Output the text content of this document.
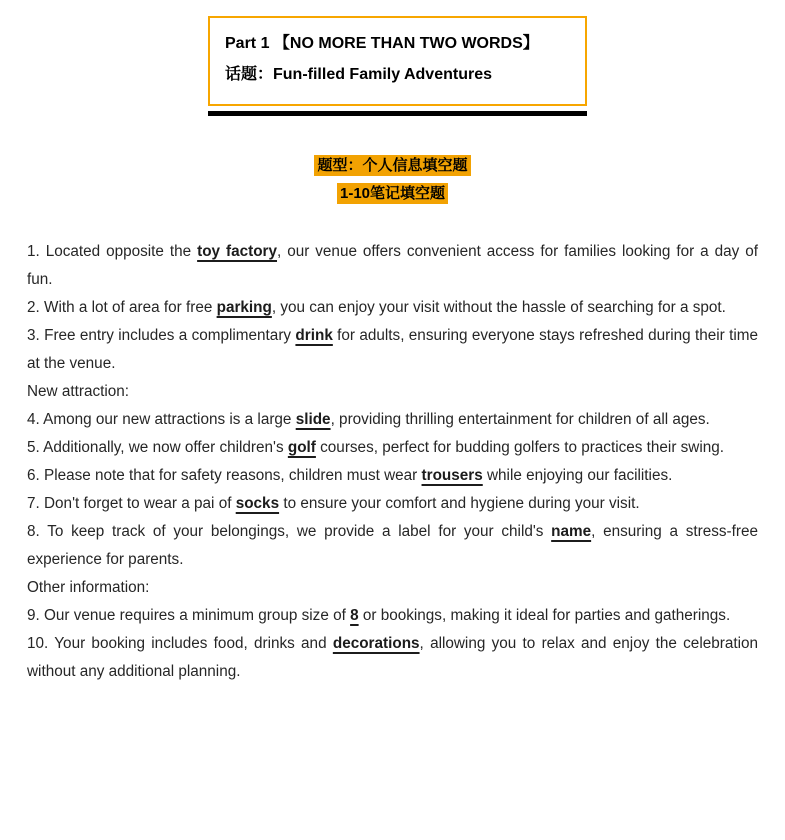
Part 1 【NO MORE THAN TWO WORDS】
话题：Fun-filled Family Adventures
题型：个人信息填空题
1-10笔记填空题

1. Located opposite the toy factory, our venue offers convenient access for families looking for a day of fun.

2. With a lot of area for free parking, you can enjoy your visit without the hassle of searching for a spot.

3. Free entry includes a complimentary drink for adults, ensuring everyone stays refreshed during their time at the venue.

New attraction:

4. Among our new attractions is a large slide, providing thrilling entertainment for children of all ages.

5. Additionally, we now offer children's golf courses, perfect for budding golfers to practices their swing.

6. Please note that for safety reasons, children must wear trousers while enjoying our facilities.

7. Don't forget to wear a pai of socks to ensure your comfort and hygiene during your visit.

8. To keep track of your belongings, we provide a label for your child's name, ensuring a stress-free experience for parents.

Other information:

9. Our venue requires a minimum group size of 8 or bookings, making it ideal for parties and gatherings.

10. Your booking includes food, drinks and decorations, allowing you to relax and enjoy the celebration without any additional planning.
